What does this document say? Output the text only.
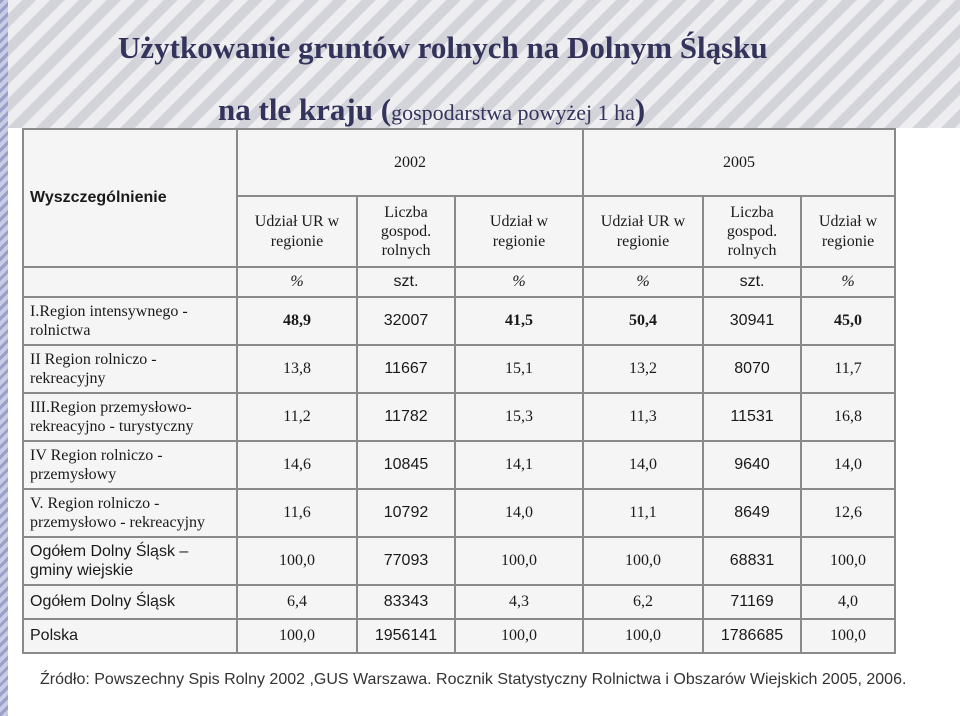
Użytkowanie gruntów rolnych na Dolnym Śląsku
na tle kraju (gospodarstwa powyżej 1 ha)
Wyszczególnienie	2002			2005		
	Udział UR w regionie	Liczba gospod. rolnych	Udział w regionie	Udział UR w regionie	Liczba gospod. rolnych	Udział w regionie
	%	szt.	%	%	szt.	%
I.Region intensywnego - rolnictwa	48,9	32007	41,5	50,4	30941	45,0
II Region rolniczo - rekreacyjny	13,8	11667	15,1	13,2	8070	11,7
III.Region przemysłowo-rekreacyjno - turystyczny	11,2	11782	15,3	11,3	11531	16,8
IV Region rolniczo - przemysłowy	14,6	10845	14,1	14,0	9640	14,0
V. Region rolniczo - przemysłowo - rekreacyjny	11,6	10792	14,0	11,1	8649	12,6
Ogółem Dolny Śląsk – gminy wiejskie	100,0	77093	100,0	100,0	68831	100,0
Ogółem Dolny Śląsk	6,4	83343	4,3	6,2	71169	4,0
Polska	100,0	1956141	100,0	100,0	1786685	100,0
Źródło: Powszechny Spis Rolny 2002 ,GUS Warszawa. Rocznik Statystyczny Rolnictwa i Obszarów Wiejskich 2005, 2006.
